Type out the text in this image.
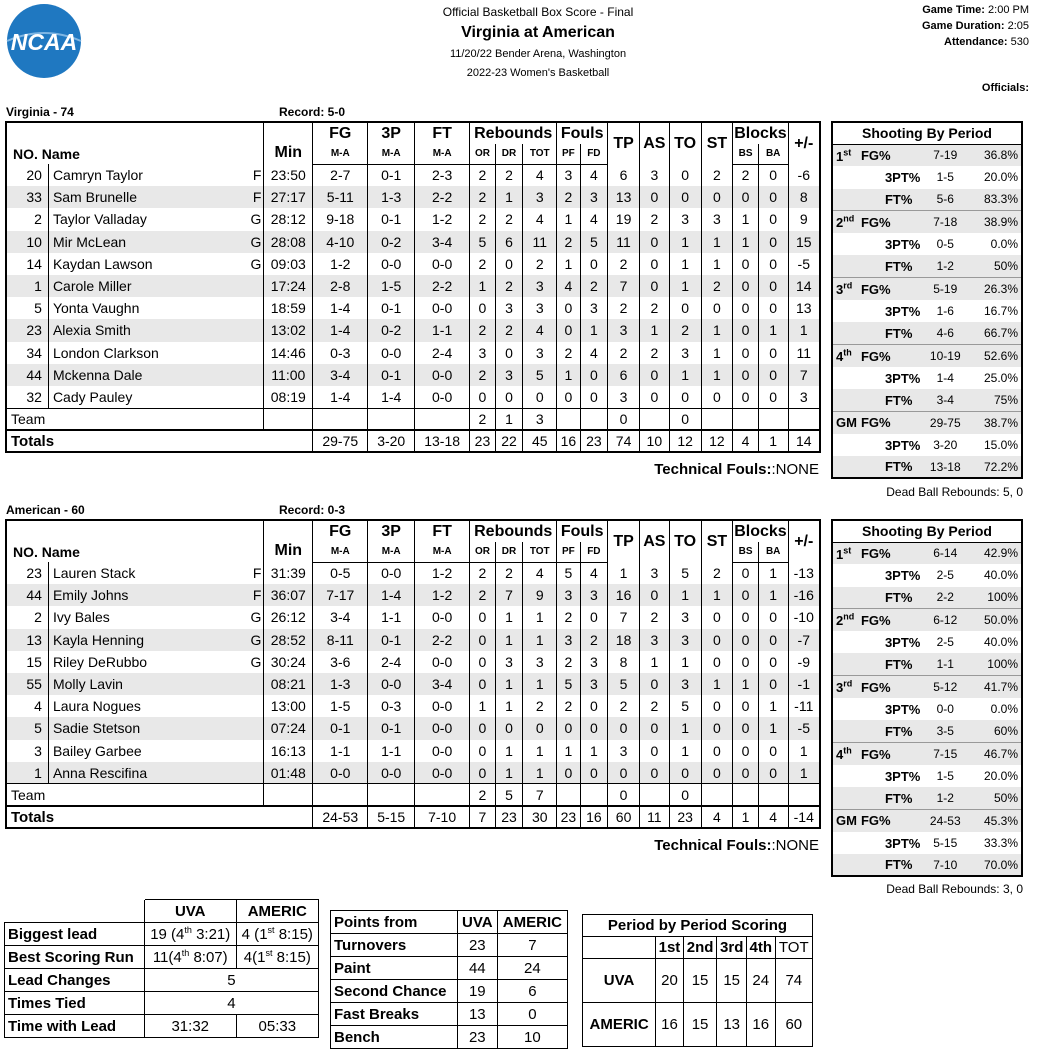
NCAA
Official Basketball Box Score - Final
Virginia at American
11/20/22 Bender Arena, Washington
2022-23 Women's Basketball
Game Time: 2:00 PM
Game Duration: 2:05
Attendance: 530
Officials:
Virginia - 74	Record: 5-0
NO. Name		Min	FG	3P	FT	Rebounds			Fouls		TP	AS	TO	ST	Blocks		+/-
			M-A	M-A	M-A	OR	DR	TOT	PF	FD					BS	BA	
20	Camryn Taylor F	23:50	2-7	0-1	2-3	2	2	4	3	4	6	3	0	2	2	0	-6
33	Sam Brunelle F	27:17	5-11	1-3	2-2	2	1	3	2	3	13	0	0	0	0	0	8
2	Taylor Valladay G	28:12	9-18	0-1	1-2	2	2	4	1	4	19	2	3	3	1	0	9
10	Mir McLean G	28:08	4-10	0-2	3-4	5	6	11	2	5	11	0	1	1	1	0	15
14	Kaydan Lawson G	09:03	1-2	0-0	0-0	2	0	2	1	0	2	0	1	1	0	0	-5
1	Carole Miller	17:24	2-8	1-5	2-2	1	2	3	4	2	7	0	1	2	0	0	14
5	Yonta Vaughn	18:59	1-4	0-1	0-0	0	3	3	0	3	2	2	0	0	0	0	13
23	Alexia Smith	13:02	1-4	0-2	1-1	2	2	4	0	1	3	1	2	1	0	1	1
34	London Clarkson	14:46	0-3	0-0	2-4	3	0	3	2	4	2	2	3	1	0	0	11
44	Mckenna Dale	11:00	3-4	0-1	0-0	2	3	5	1	0	6	0	1	1	0	0	7
32	Cady Pauley	08:19	1-4	1-4	0-0	0	0	0	0	0	3	0	0	0	0	0	3
Team						2	1	3			0		0				
Totals			29-75	3-20	13-18	23	22	45	16	23	74	10	12	12	4	1	14
Technical Fouls::NONE
Shooting By Period			
1st	FG%	7-19	36.8%
	3PT%	1-5	20.0%
	FT%	5-6	83.3%
2nd	FG%	7-18	38.9%
	3PT%	0-5	0.0%
	FT%	1-2	50%
3rd	FG%	5-19	26.3%
	3PT%	1-6	16.7%
	FT%	4-6	66.7%
4th	FG%	10-19	52.6%
	3PT%	1-4	25.0%
	FT%	3-4	75%
GM	FG%	29-75	38.7%
	3PT%	3-20	15.0%
	FT%	13-18	72.2%
Dead Ball Rebounds: 5, 0
American - 60	Record: 0-3
NO. Name		Min	FG	3P	FT	Rebounds			Fouls		TP	AS	TO	ST	Blocks		+/-
			M-A	M-A	M-A	OR	DR	TOT	PF	FD					BS	BA	
23	Lauren Stack F	31:39	0-5	0-0	1-2	2	2	4	5	4	1	3	5	2	0	1	-13
44	Emily Johns F	36:07	7-17	1-4	1-2	2	7	9	3	3	16	0	1	1	0	1	-16
2	Ivy Bales G	26:12	3-4	1-1	0-0	0	1	1	2	0	7	2	3	0	0	0	-10
13	Kayla Henning G	28:52	8-11	0-1	2-2	0	1	1	3	2	18	3	3	0	0	0	-7
15	Riley DeRubbo G	30:24	3-6	2-4	0-0	0	3	3	2	3	8	1	1	0	0	0	-9
55	Molly Lavin	08:21	1-3	0-0	3-4	0	1	1	5	3	5	0	3	1	1	0	-1
4	Laura Nogues	13:00	1-5	0-3	0-0	1	1	2	2	0	2	2	5	0	0	1	-11
5	Sadie Stetson	07:24	0-1	0-1	0-0	0	0	0	0	0	0	0	1	0	0	1	-5
3	Bailey Garbee	16:13	1-1	1-1	0-0	0	1	1	1	1	3	0	1	0	0	0	1
1	Anna Rescifina	01:48	0-0	0-0	0-0	0	1	1	0	0	0	0	0	0	0	0	1
Team						2	5	7			0		0				
Totals			24-53	5-15	7-10	7	23	30	23	16	60	11	23	4	1	4	-14
Technical Fouls::NONE
Shooting By Period			
1st	FG%	6-14	42.9%
	3PT%	2-5	40.0%
	FT%	2-2	100%
2nd	FG%	6-12	50.0%
	3PT%	2-5	40.0%
	FT%	1-1	100%
3rd	FG%	5-12	41.7%
	3PT%	0-0	0.0%
	FT%	3-5	60%
4th	FG%	7-15	46.7%
	3PT%	1-5	20.0%
	FT%	1-2	50%
GM	FG%	24-53	45.3%
	3PT%	5-15	33.3%
	FT%	7-10	70.0%
Dead Ball Rebounds: 3, 0
	UVA	AMERIC
Biggest lead	19 (4th 3:21)	4 (1st 8:15)
Best Scoring Run	11(4th 8:07)	4(1st 8:15)
Lead Changes	5	
Times Tied	4	
Time with Lead	31:32	05:33
Points from	UVA	AMERIC
Turnovers	23	7
Paint	44	24
Second Chance	19	6
Fast Breaks	13	0
Bench	23	10
Period by Period Scoring					
	1st	2nd	3rd	4th	TOT
UVA	20	15	15	24	74
AMERIC	16	15	13	16	60
